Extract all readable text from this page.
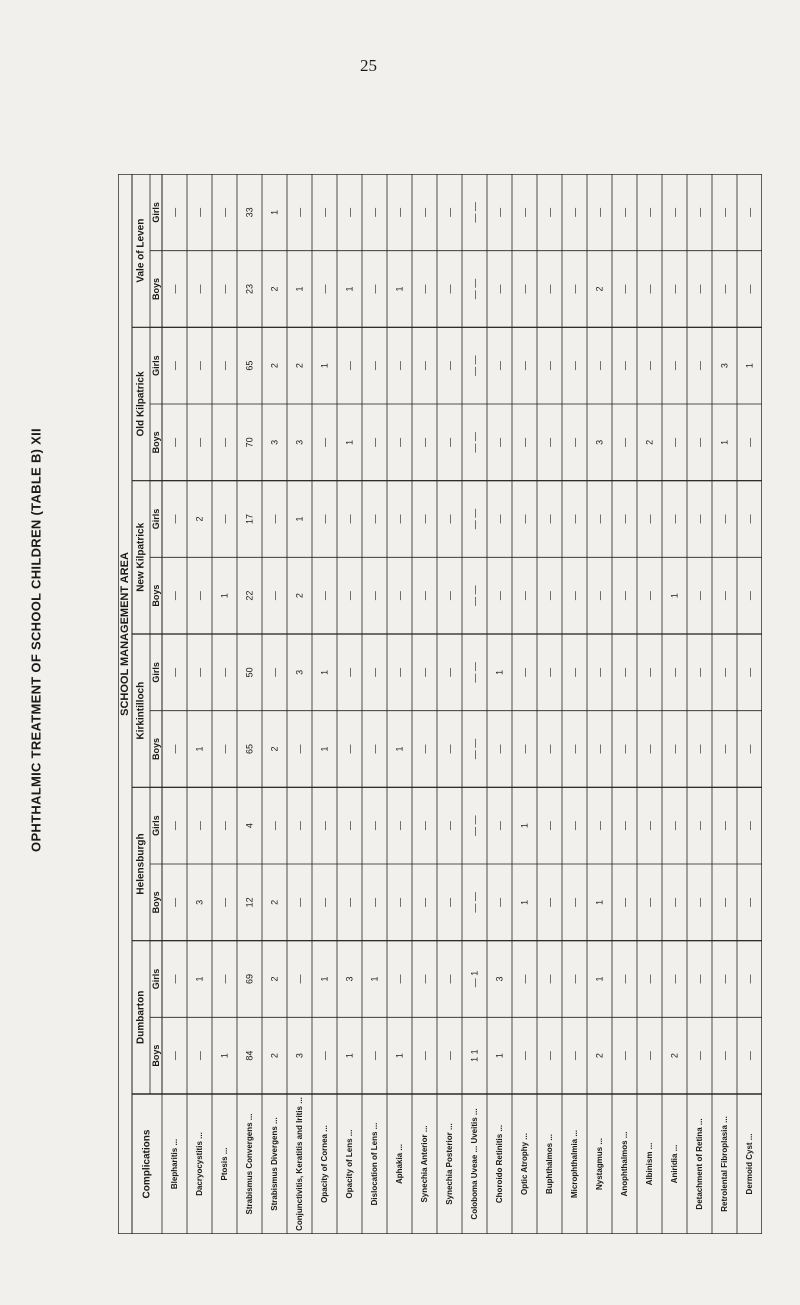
25
OPHTHALMIC TREATMENT OF SCHOOL CHILDREN (TABLE B) XII	SCHOOL MANAGEMENT AREA
Dumbarton
Boys
Girls
Helensburgh
Boys
Girls
Kirkintilloch
Boys
Girls
New Kilpatrick
Boys
Girls
Old Kilpatrick
Boys
Girls
Vale of Leven
Boys
Girls
Complications Blepharitis ...
—
—
—
—
—
—
—
—
—
—
—
—
Dacryocystitis ...
—
1
3
—
1
—
—
2
—
—
—
—
Ptosis ...
1
—
—
—
—
—
1
—
—
—
—
—
Strabismus Convergens ...
84
69
12
4
65
50
22
17
70
65
23
33
Strabismus Divergens ...
2
2
2
—
2
—
—
—
3
2
2
1
Conjunctivitis, Keratitis and Iritis ...
3
—
—
—
—
3
2
1
3
2
1
—
Opacity of Cornea ...
—
1
—
—
1
1
—
—
—
1
—
—
Opacity of Lens ...
1
3
—
—
—
—
—
—
1
—
1
—
Dislocation of Lens ...
—
1
—
—
—
—
—
—
—
—
—
—
Aphakia ...
1
—
—
—
1
—
—
—
—
—
1
—
Synechia Anterior ...
—
—
—
—
—
—
—
—
—
—
—
—
Synechia Posterior ...
—
—
—
—
—
—
—
—
—
—
—
—
Coloboma Uveae ... Uveitis ...
1 1
— 1
— —
— —
— —
— —
— —
— —
— —
— —
— —
— —
Choroido Retinitis ...
1
3
—
—
—
1
—
—
—
—
—
—
Optic Atrophy ...
—
—
1
1
—
—
—
—
—
—
—
—
Buphthalmos ...
—
—
—
—
—
—
—
—
—
—
—
—
Microphthalmia ...
—
—
—
—
—
—
—
—
—
—
—
—
Nystagmus ...
2
1
1
—
—
—
—
—
3
—
2
—
Anophthalmos ...
—
—
—
—
—
—
—
—
—
—
—
—
Albinism ...
—
—
—
—
—
—
—
—
2
—
—
—
Aniridia ...
2
—
—
—
—
—
1
—
—
—
—
—
Detachment of Retina ...
—
—
—
—
—
—
—
—
—
—
—
—
Retrolental Fibroplasia ...
—
—
—
—
—
—
—
—
1
3
—
—
Dermoid Cyst ...
—
—
—
—
—
—
—
—
—
1
—
—
